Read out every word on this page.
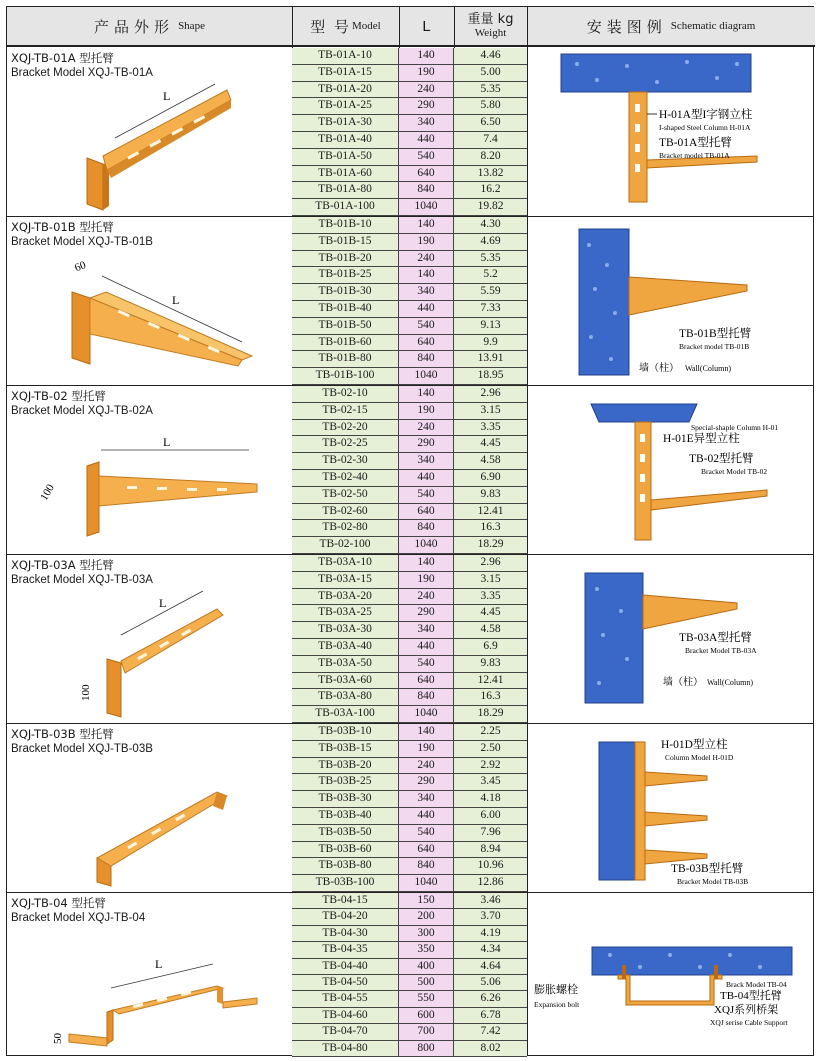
产品外形 Shape	型 号 Model	L	重量 kg
Weight	安装图例 Schematic diagram
XQJ-TB-01A 型托臂
Bracket Model XQJ-TB-01A
L
H-01A型I字钢立柱
I-shaped Steel Column H-01A
TB-01A型托臂
Bracket model TB-01A
XQJ-TB-01B 型托臂
Bracket Model XQJ-TB-01B
L
60
TB-01B型托臂
Bracket model TB-01B
墙（柱） Wall(Column)
XQJ-TB-02 型托臂
Bracket Model XQJ-TB-02A
L
100
Special-shaple Column H-01
H-01E异型立柱
TB-02型托臂
Bracket Model TB-02
XQJ-TB-03A 型托臂
Bracket Model XQJ-TB-03A
L
100
TB-03A型托臂
Bracket Model TB-03A
墙（柱） Wall(Column)
XQJ-TB-03B 型托臂
Bracket Model XQJ-TB-03B	H-01D型立柱
Column Model H-01D
TB-03B型托臂
Bracket Model TB-03B
XQJ-TB-04 型托臂
Bracket Model XQJ-TB-04
L
50
Brack Model TB-04
TB-04型托臂
膨胀螺栓
Expansion bolt	XQJ系列桥架
XQJ serise Cable Support
TB-01A-10	140	4.46
TB-01A-15	190	5.00
TB-01A-20	240	5.35
TB-01A-25	290	5.80
TB-01A-30	340	6.50
TB-01A-40	440	7.4
TB-01A-50	540	8.20
TB-01A-60	640	13.82
TB-01A-80	840	16.2
TB-01A-100	1040	19.82
TB-01B-10	140	4.30
TB-01B-15	190	4.69
TB-01B-20	240	5.35
TB-01B-25	140	5.2
TB-01B-30	340	5.59
TB-01B-40	440	7.33
TB-01B-50	540	9.13
TB-01B-60	640	9.9
TB-01B-80	840	13.91
TB-01B-100	1040	18.95
TB-02-10	140	2.96
TB-02-15	190	3.15
TB-02-20	240	3.35
TB-02-25	290	4.45
TB-02-30	340	4.58
TB-02-40	440	6.90
TB-02-50	540	9.83
TB-02-60	640	12.41
TB-02-80	840	16.3
TB-02-100	1040	18.29
TB-03A-10	140	2.96
TB-03A-15	190	3.15
TB-03A-20	240	3.35
TB-03A-25	290	4.45
TB-03A-30	340	4.58
TB-03A-40	440	6.9
TB-03A-50	540	9.83
TB-03A-60	640	12.41
TB-03A-80	840	16.3
TB-03A-100	1040	18.29
TB-03B-10	140	2.25
TB-03B-15	190	2.50
TB-03B-20	240	2.92
TB-03B-25	290	3.45
TB-03B-30	340	4.18
TB-03B-40	440	6.00
TB-03B-50	540	7.96
TB-03B-60	640	8.94
TB-03B-80	840	10.96
TB-03B-100	1040	12.86
TB-04-15	150	3.46
TB-04-20	200	3.70
TB-04-30	300	4.19
TB-04-35	350	4.34
TB-04-40	400	4.64
TB-04-50	500	5.06
TB-04-55	550	6.26
TB-04-60	600	6.78
TB-04-70	700	7.42
TB-04-80	800	8.02
